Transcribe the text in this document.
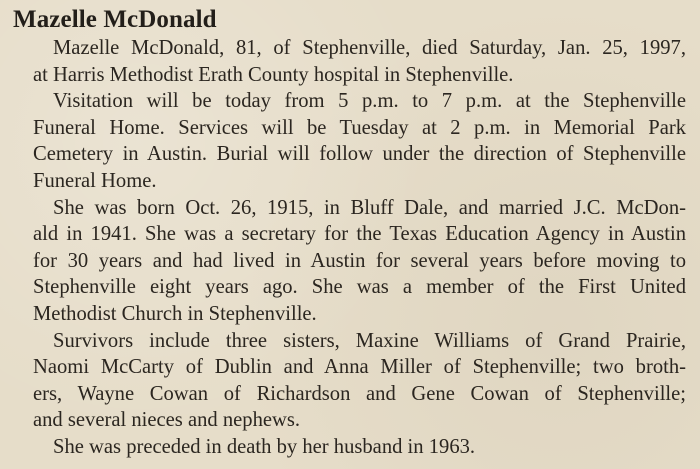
Mazelle McDonald
Mazelle McDonald, 81, of Stephenville, died Saturday, Jan. 25, 1997,
at Harris Methodist Erath County hospital in Stephenville.
Visitation will be today from 5 p.m. to 7 p.m. at the Stephenville
Funeral Home. Services will be Tuesday at 2 p.m. in Memorial Park
Cemetery in Austin. Burial will follow under the direction of Stephenville
Funeral Home.
She was born Oct. 26, 1915, in Bluff Dale, and married J.C. McDon-
ald in 1941. She was a secretary for the Texas Education Agency in Austin
for 30 years and had lived in Austin for several years before moving to
Stephenville eight years ago. She was a member of the First United
Methodist Church in Stephenville.
Survivors include three sisters, Maxine Williams of Grand Prairie,
Naomi McCarty of Dublin and Anna Miller of Stephenville; two broth-
ers, Wayne Cowan of Richardson and Gene Cowan of Stephenville;
and several nieces and nephews.
She was preceded in death by her husband in 1963.
